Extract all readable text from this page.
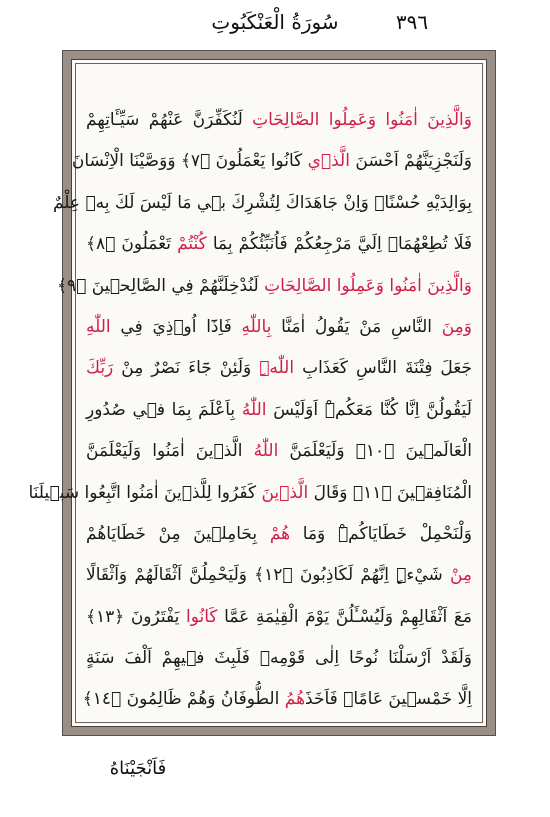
سُورَةُ الْعَنْكَبُوتِ	٣٩٦
وَالَّذِينَ اٰمَنُوا وَعَمِلُوا الصَّالِحَاتِ لَنُكَفِّرَنَّ عَنْهُمْ سَيِّـَٔاتِهِمْ
وَلَنَجْزِيَنَّهُمْ اَحْسَنَ الَّذ۪ي كَانُوا يَعْمَلُونَ ﴿٧﴾ وَوَصَّيْنَا الْاِنْسَانَ
بِوَالِدَيْهِ حُسْنًاۜ وَاِنْ جَاهَدَاكَ لِتُشْرِكَ ب۪ي مَا لَيْسَ لَكَ بِه۪ عِلْمٌ
فَلَا تُطِعْهُمَاۜ اِلَيَّ مَرْجِعُكُمْ فَاُنَبِّئُكُمْ بِمَا كُنْتُمْ تَعْمَلُونَ ﴿٨﴾
وَالَّذِينَ اٰمَنُوا وَعَمِلُوا الصَّالِحَاتِ لَنُدْخِلَنَّهُمْ فِي الصَّالِح۪ينَ ﴿٩﴾
وَمِنَ النَّاسِ مَنْ يَقُولُ اٰمَنَّا بِاللّٰهِ فَاِذَٓا اُو۫ذِيَ فِي اللّٰهِ
جَعَلَ فِتْنَةَ النَّاسِ كَعَذَابِ اللّٰهِۜ وَلَئِنْ جَٓاءَ نَصْرٌ مِنْ رَبِّكَ
لَيَقُولُنَّ اِنَّا كُنَّا مَعَكُمْۜ اَوَلَيْسَ اللّٰهُ بِاَعْلَمَ بِمَا ف۪ي صُدُورِ
الْعَالَم۪ينَ ﴿١٠﴾ وَلَيَعْلَمَنَّ اللّٰهُ الَّذ۪ينَ اٰمَنُوا وَلَيَعْلَمَنَّ
الْمُنَافِق۪ينَ ﴿١١﴾ وَقَالَ الَّذ۪ينَ كَفَرُوا لِلَّذ۪ينَ اٰمَنُوا اتَّبِعُوا سَب۪يلَنَا
وَلْنَحْمِلْ خَطَايَاكُمْۜ وَمَا هُمْ بِحَامِل۪ينَ مِنْ خَطَايَاهُمْ
مِنْ شَيْءٍۜ اِنَّهُمْ لَكَاذِبُونَ ﴿١٢﴾ وَلَيَحْمِلُنَّ اَثْقَالَهُمْ وَاَثْقَالًا
مَعَ اَثْقَالِهِمْ وَلَيُسْـَٔلُنَّ يَوْمَ الْقِيٰمَةِ عَمَّا كَانُوا يَفْتَرُونَ ﴿١٣﴾
وَلَقَدْ اَرْسَلْنَا نُوحًا اِلٰى قَوْمِه۪ فَلَبِثَ ف۪يهِمْ اَلْفَ سَنَةٍ
اِلَّا خَمْس۪ينَ عَامًاۜ فَاَخَذَهُمُ الطُّوفَانُ وَهُمْ ظَالِمُونَ ﴿١٤﴾
فَاَنْجَيْنَاهُ
